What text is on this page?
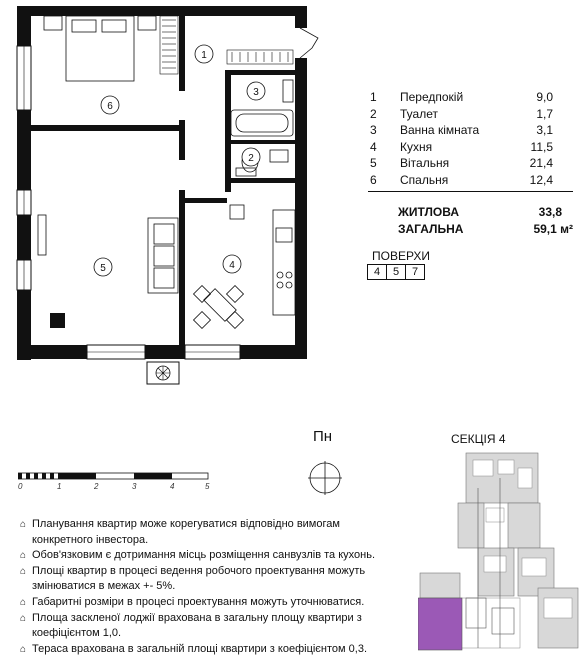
1
2
3
4
5
6
1 Передпокій	9,0
2 Туалет	1,7
3 Ванна кімната	3,1
4 Кухня	11,5
5 Вітальня	21,4
6 Спальня	12,4
ЖИТЛОВА	33,8
ЗАГАЛЬНА	59,1 м²
ПОВЕРХИ
4	5	7
Пн
0	1	2	3	4	5
СЕКЦІЯ 4
⌂ Планування квартир може корегуватися відповідно вимогам конкретного інвестора.
⌂ Обов'язковим є дотримання місць розміщення санвузлів та кухонь.
⌂ Площі квартир в процесі ведення робочого проектування можуть змінюватися в межах +- 5%.
⌂ Габаритні розміри в процесі проектування можуть уточнюватися.
⌂ Площа заскленої лоджії врахована в загальну площу квартири з коефіцієнтом 1,0.
⌂ Тераса врахована в загальній площі квартири з коефіцієнтом 0,3.
